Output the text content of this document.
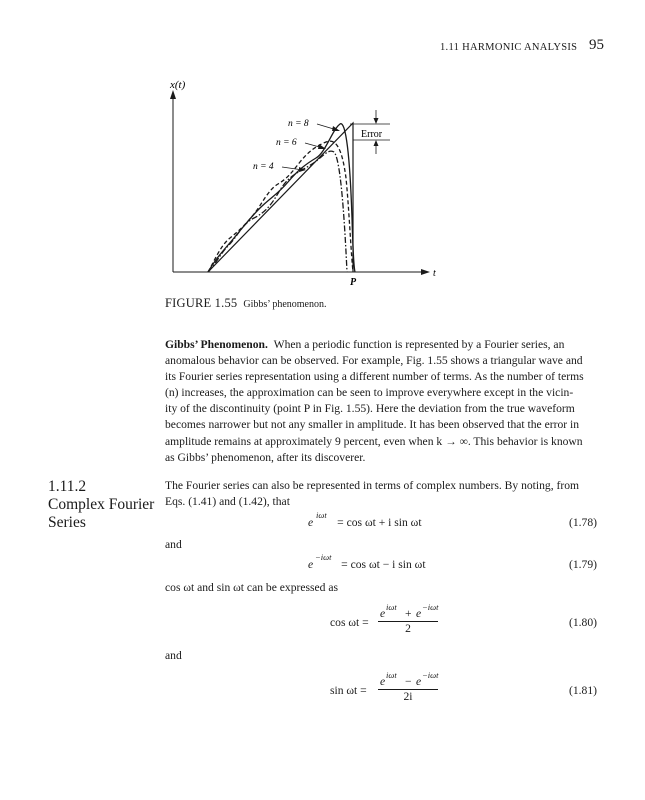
1.11 HARMONIC ANALYSIS 95
x(t)
t
P
Error
n = 8
n = 6
n = 4
FIGURE 1.55 Gibbs’ phenomenon.
Gibbs’ Phenomenon. When a periodic function is represented by a Fourier series, an
anomalous behavior can be observed. For example, Fig. 1.55 shows a triangular wave and
its Fourier series representation using a different number of terms. As the number of terms
(n) increases, the approximation can be seen to improve everywhere except in the vicin-
ity of the discontinuity (point P in Fig. 1.55). Here the deviation from the true waveform
becomes narrower but not any smaller in amplitude. It has been observed that the error in
amplitude remains at approximately 9 percent, even when k → ∞. This behavior is known
as Gibbs’ phenomenon, after its discoverer.
1.11.2
Complex Fourier
Series
The Fourier series can also be represented in terms of complex numbers. By noting, from
Eqs. (1.41) and (1.42), that
e
iωt
= cos ωt + i sin ωt	(1.78)
and
e
−iωt
= cos ωt − i sin ωt	(1.79)
cos ωt and sin ωt can be expressed as
cos ωt =
e iωt + e −iωt
2	(1.80)
and
sin ωt =
e iωt − e −iωt
2i	(1.81)
